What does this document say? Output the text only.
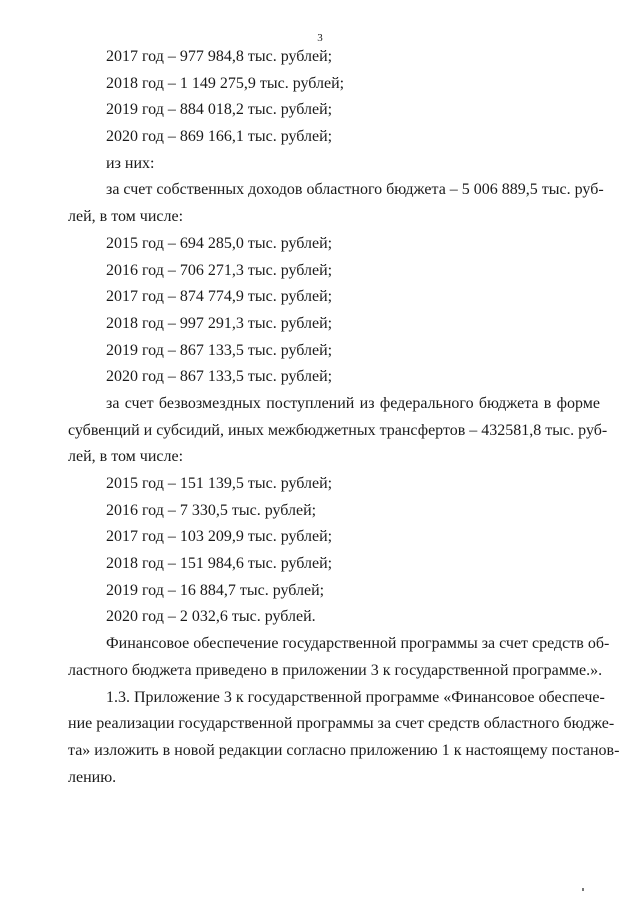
3
2017 год – 977 984,8 тыс. рублей;
2018 год – 1 149 275,9 тыс. рублей;
2019 год – 884 018,2 тыс. рублей;
2020 год – 869 166,1 тыс. рублей;
из них:
за счет собственных доходов областного бюджета – 5 006 889,5 тыс. руб-
лей, в том числе:
2015 год – 694 285,0 тыс. рублей;
2016 год – 706 271,3 тыс. рублей;
2017 год – 874 774,9 тыс. рублей;
2018 год – 997 291,3 тыс. рублей;
2019 год – 867 133,5 тыс. рублей;
2020 год – 867 133,5 тыс. рублей;
за счет безвозмездных поступлений из федерального бюджета в форме
субвенций и субсидий, иных межбюджетных трансфертов – 432581,8 тыс. руб-
лей, в том числе:
2015 год – 151 139,5 тыс. рублей;
2016 год – 7 330,5 тыс. рублей;
2017 год – 103 209,9 тыс. рублей;
2018 год – 151 984,6 тыс. рублей;
2019 год – 16 884,7 тыс. рублей;
2020 год – 2 032,6 тыс. рублей.
Финансовое обеспечение государственной программы за счет средств об-
ластного бюджета приведено в приложении 3 к государственной программе.».
1.3. Приложение 3 к государственной программе «Финансовое обеспече-
ние реализации государственной программы за счет средств областного бюдже-
та» изложить в новой редакции согласно приложению 1 к настоящему постанов-
лению.
